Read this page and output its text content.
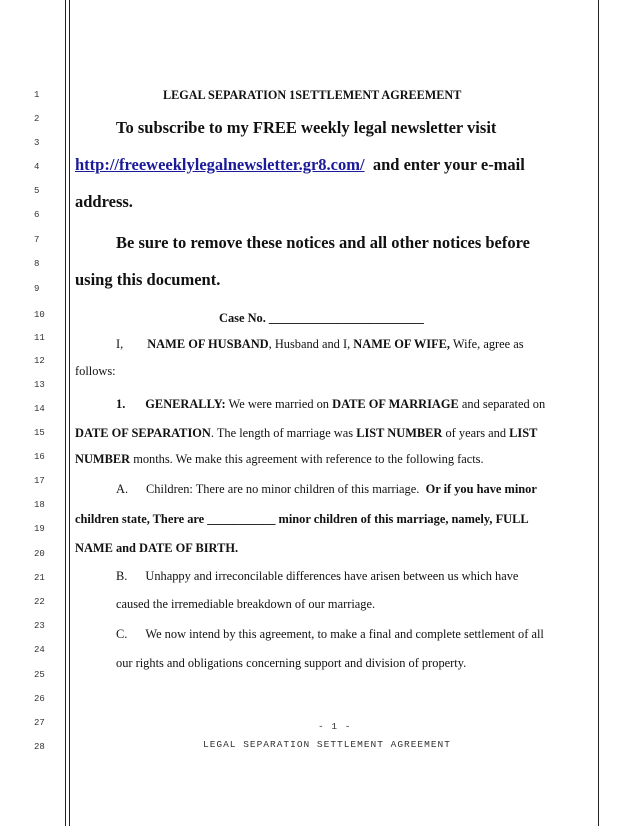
1
2
3
4
5
6
7
8
9
10
11
12
13
14
15
16
17
18
19
20
21
22
23
24
25
26
27
28
LEGAL SEPARATION 1SETTLEMENT AGREEMENT
To subscribe to my FREE weekly legal newsletter visit
http://freeweeklylegalnewsletter.gr8.com/ and enter your e-mail
address.
Be sure to remove these notices and all other notices before
using this document.
Case No. _________________________
I, NAME OF HUSBAND, Husband and I, NAME OF WIFE, Wife, agree as
follows:
1. GENERALLY: We were married on DATE OF MARRIAGE and separated on
DATE OF SEPARATION. The length of marriage was LIST NUMBER of years and LIST
NUMBER months. We make this agreement with reference to the following facts.
A. Children: There are no minor children of this marriage. Or if you have minor
children state, There are ___________ minor children of this marriage, namely, FULL
NAME and DATE OF BIRTH.
B. Unhappy and irreconcilable differences have arisen between us which have
caused the irremediable breakdown of our marriage.
C. We now intend by this agreement, to make a final and complete settlement of all
our rights and obligations concerning support and division of property.
- 1 -
LEGAL SEPARATION SETTLEMENT AGREEMENT
